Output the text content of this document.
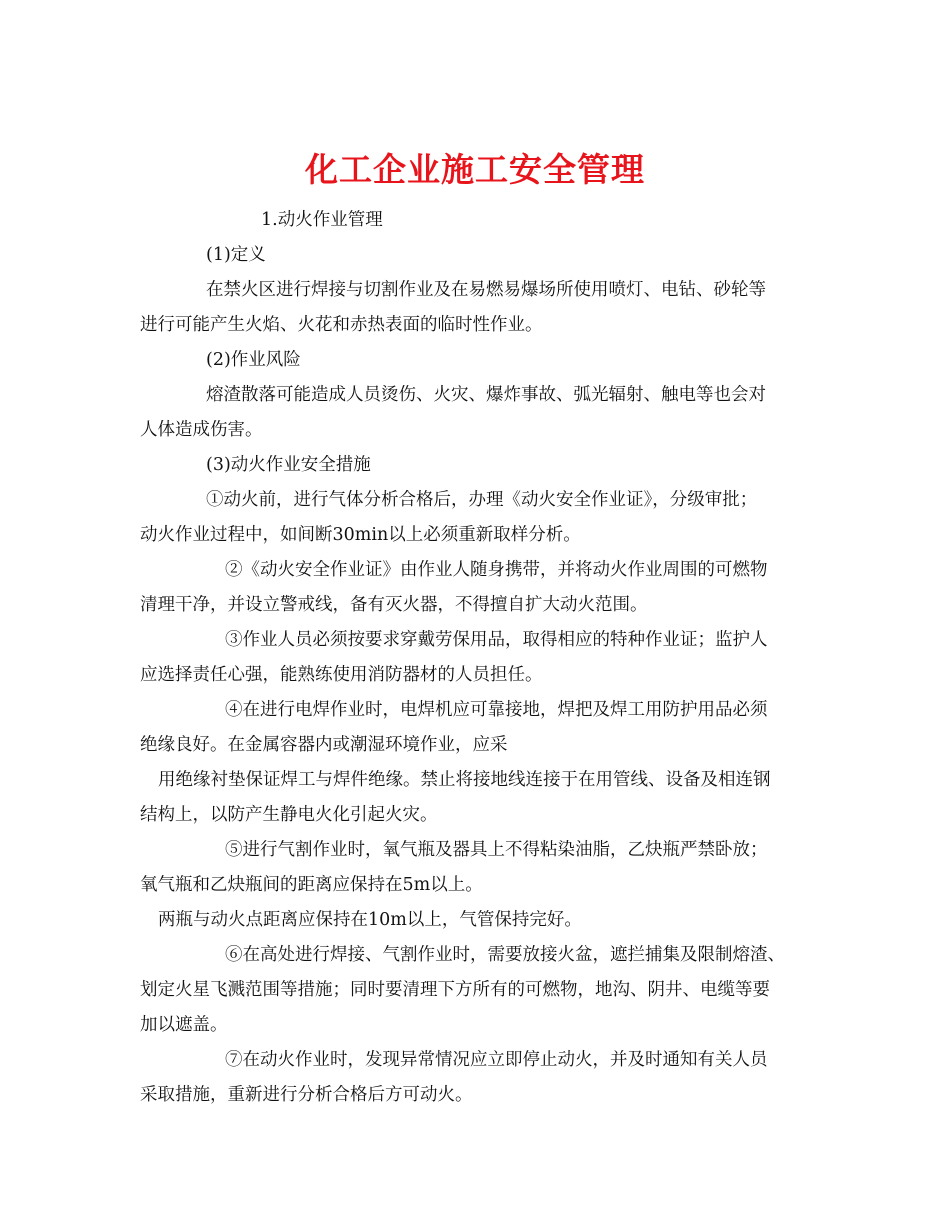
化工企业施工安全管理
1.动火作业管理
(1)定义
在禁火区进行焊接与切割作业及在易燃易爆场所使用喷灯、电钻、砂轮等
进行可能产生火焰、火花和赤热表面的临时性作业。
(2)作业风险
熔渣散落可能造成人员烫伤、火灾、爆炸事故、弧光辐射、触电等也会对
人体造成伤害。
(3)动火作业安全措施
①动火前，进行气体分析合格后，办理《动火安全作业证》，分级审批；
动火作业过程中，如间断30min以上必须重新取样分析。
②《动火安全作业证》由作业人随身携带，并将动火作业周围的可燃物
清理干净，并设立警戒线，备有灭火器，不得擅自扩大动火范围。
③作业人员必须按要求穿戴劳保用品，取得相应的特种作业证；监护人
应选择责任心强，能熟练使用消防器材的人员担任。
④在进行电焊作业时，电焊机应可靠接地，焊把及焊工用防护用品必须
绝缘良好。在金属容器内或潮湿环境作业，应采
用绝缘衬垫保证焊工与焊件绝缘。禁止将接地线连接于在用管线、设备及相连钢
结构上，以防产生静电火化引起火灾。
⑤进行气割作业时，氧气瓶及器具上不得粘染油脂，乙炔瓶严禁卧放；
氧气瓶和乙炔瓶间的距离应保持在5m以上。
两瓶与动火点距离应保持在10m以上，气管保持完好。
⑥在高处进行焊接、气割作业时，需要放接火盆，遮拦捕集及限制熔渣、
划定火星飞溅范围等措施；同时要清理下方所有的可燃物，地沟、阴井、电缆等要
加以遮盖。
⑦在动火作业时，发现异常情况应立即停止动火，并及时通知有关人员
采取措施，重新进行分析合格后方可动火。
